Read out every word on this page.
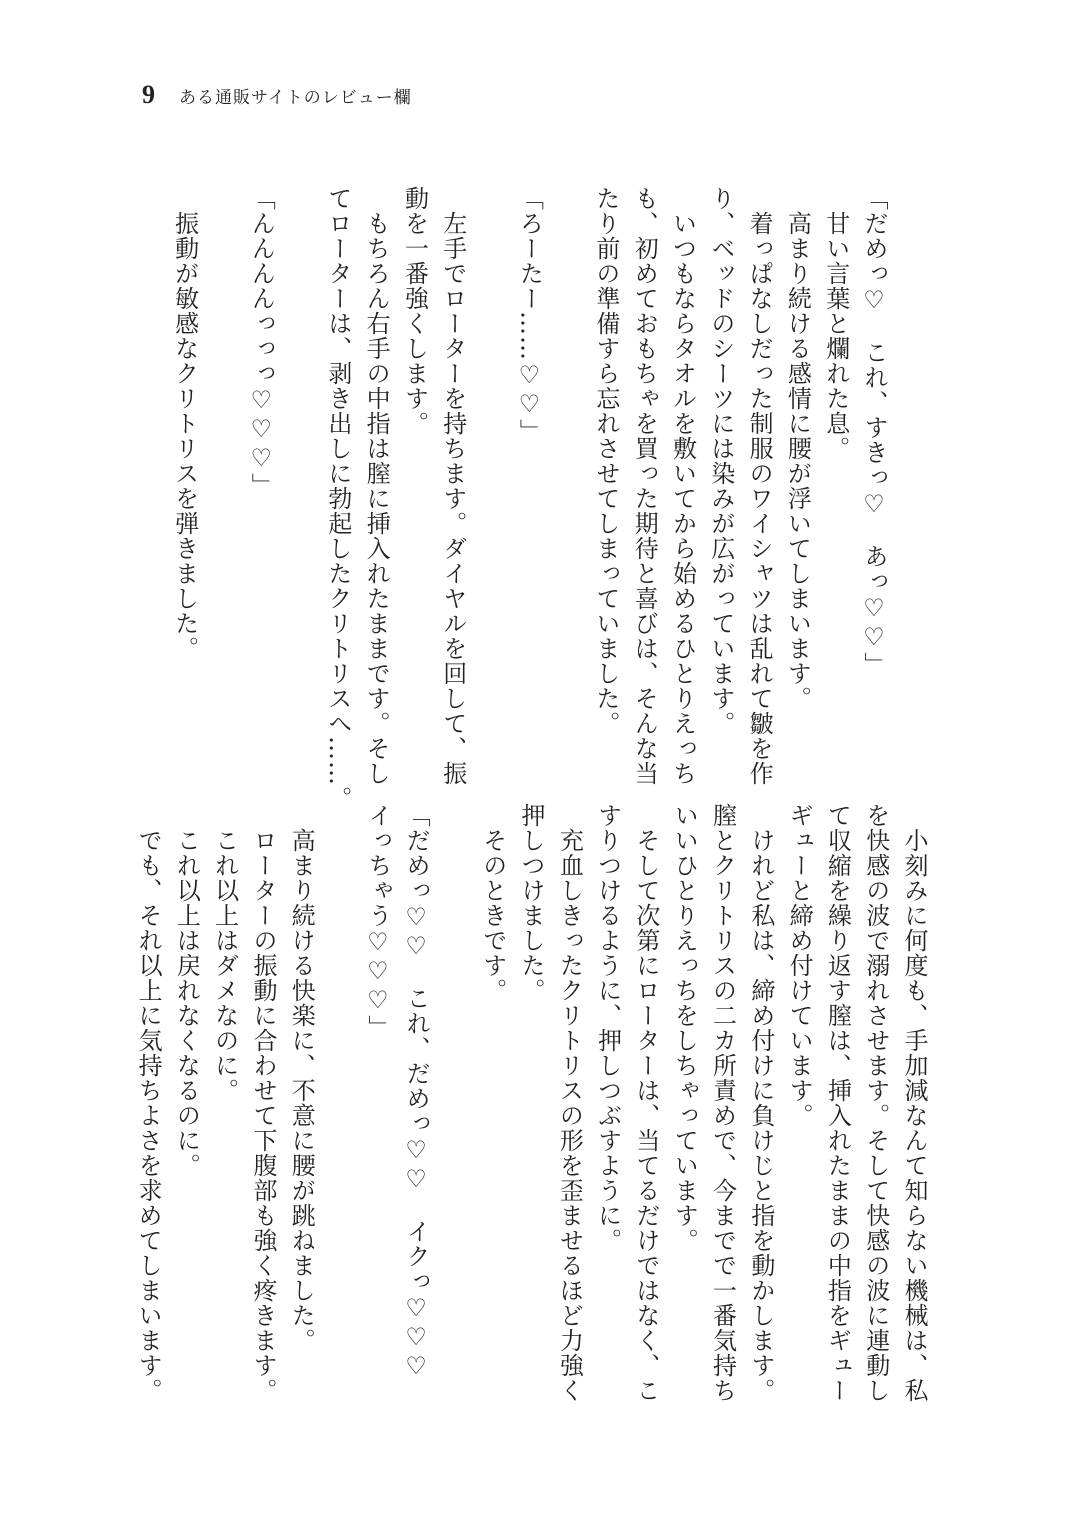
9 ある通販サイトのレビュー欄
「だめっ♡　これ、すきっ♡　あっ♡♡」
　甘い言葉と爛れた息。
　高まり続ける感情に腰が浮いてしまいます。
　着っぱなしだった制服のワイシャツは乱れて皺を作
り、ベッドのシーツには染みが広がっています。
　いつもならタオルを敷いてから始めるひとりえっち
も、初めておもちゃを買った期待と喜びは、そんな当
たり前の準備すら忘れさせてしまっていました。

「ろーたー……♡♡」

　左手でローターを持ちます。ダイヤルを回して、振
動を一番強くします。
　もちろん右手の中指は膣に挿入れたままです。そし
てローターは、剥き出しに勃起したクリトリスへ……。

「んんんんっっっ♡♡♡」

　振動が敏感なクリトリスを弾きました。
　小刻みに何度も、手加減なんて知らない機械は、私
を快感の波で溺れさせます。そして快感の波に連動し
て収縮を繰り返す膣は、挿入れたままの中指をギュー
ギューと締め付けています。
　けれど私は、締め付けに負けじと指を動かします。
膣とクリトリスの二カ所責めで、今までで一番気持ち
いいひとりえっちをしちゃっています。
　そして次第にローターは、当てるだけではなく、こ
すりつけるように、押しつぶすように。
　充血しきったクリトリスの形を歪ませるほど力強く
押しつけました。
　そのときです。

「だめっ♡♡　これ、だめっ♡♡　イクっ♡♡♡
イっちゃう♡♡♡」

　高まり続ける快楽に、不意に腰が跳ねました。
　ローターの振動に合わせて下腹部も強く疼きます。
　これ以上はダメなのに。
　これ以上は戻れなくなるのに。
　でも、それ以上に気持ちよさを求めてしまいます。
